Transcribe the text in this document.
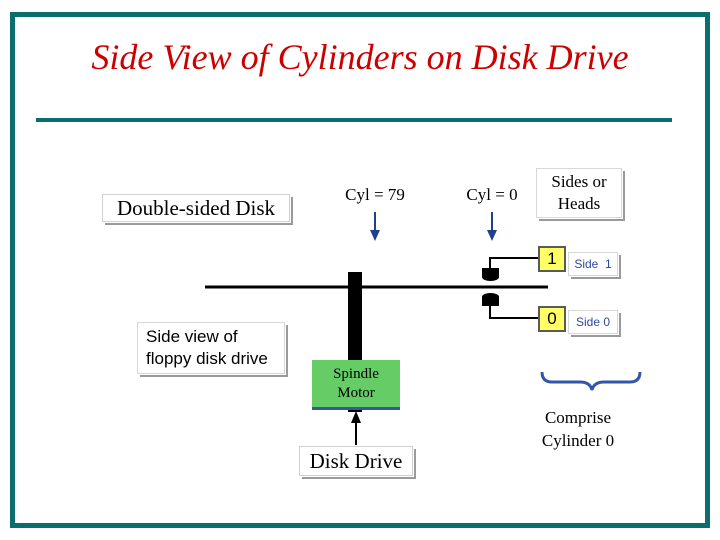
Side View of Cylinders on Disk Drive
Double-sided Disk
Cyl = 79	Cyl = 0
Sides or
Heads
1
0
Side  1
Side 0
Side view of
floppy disk drive
Spindle
Motor
Disk Drive
Comprise
Cylinder 0
